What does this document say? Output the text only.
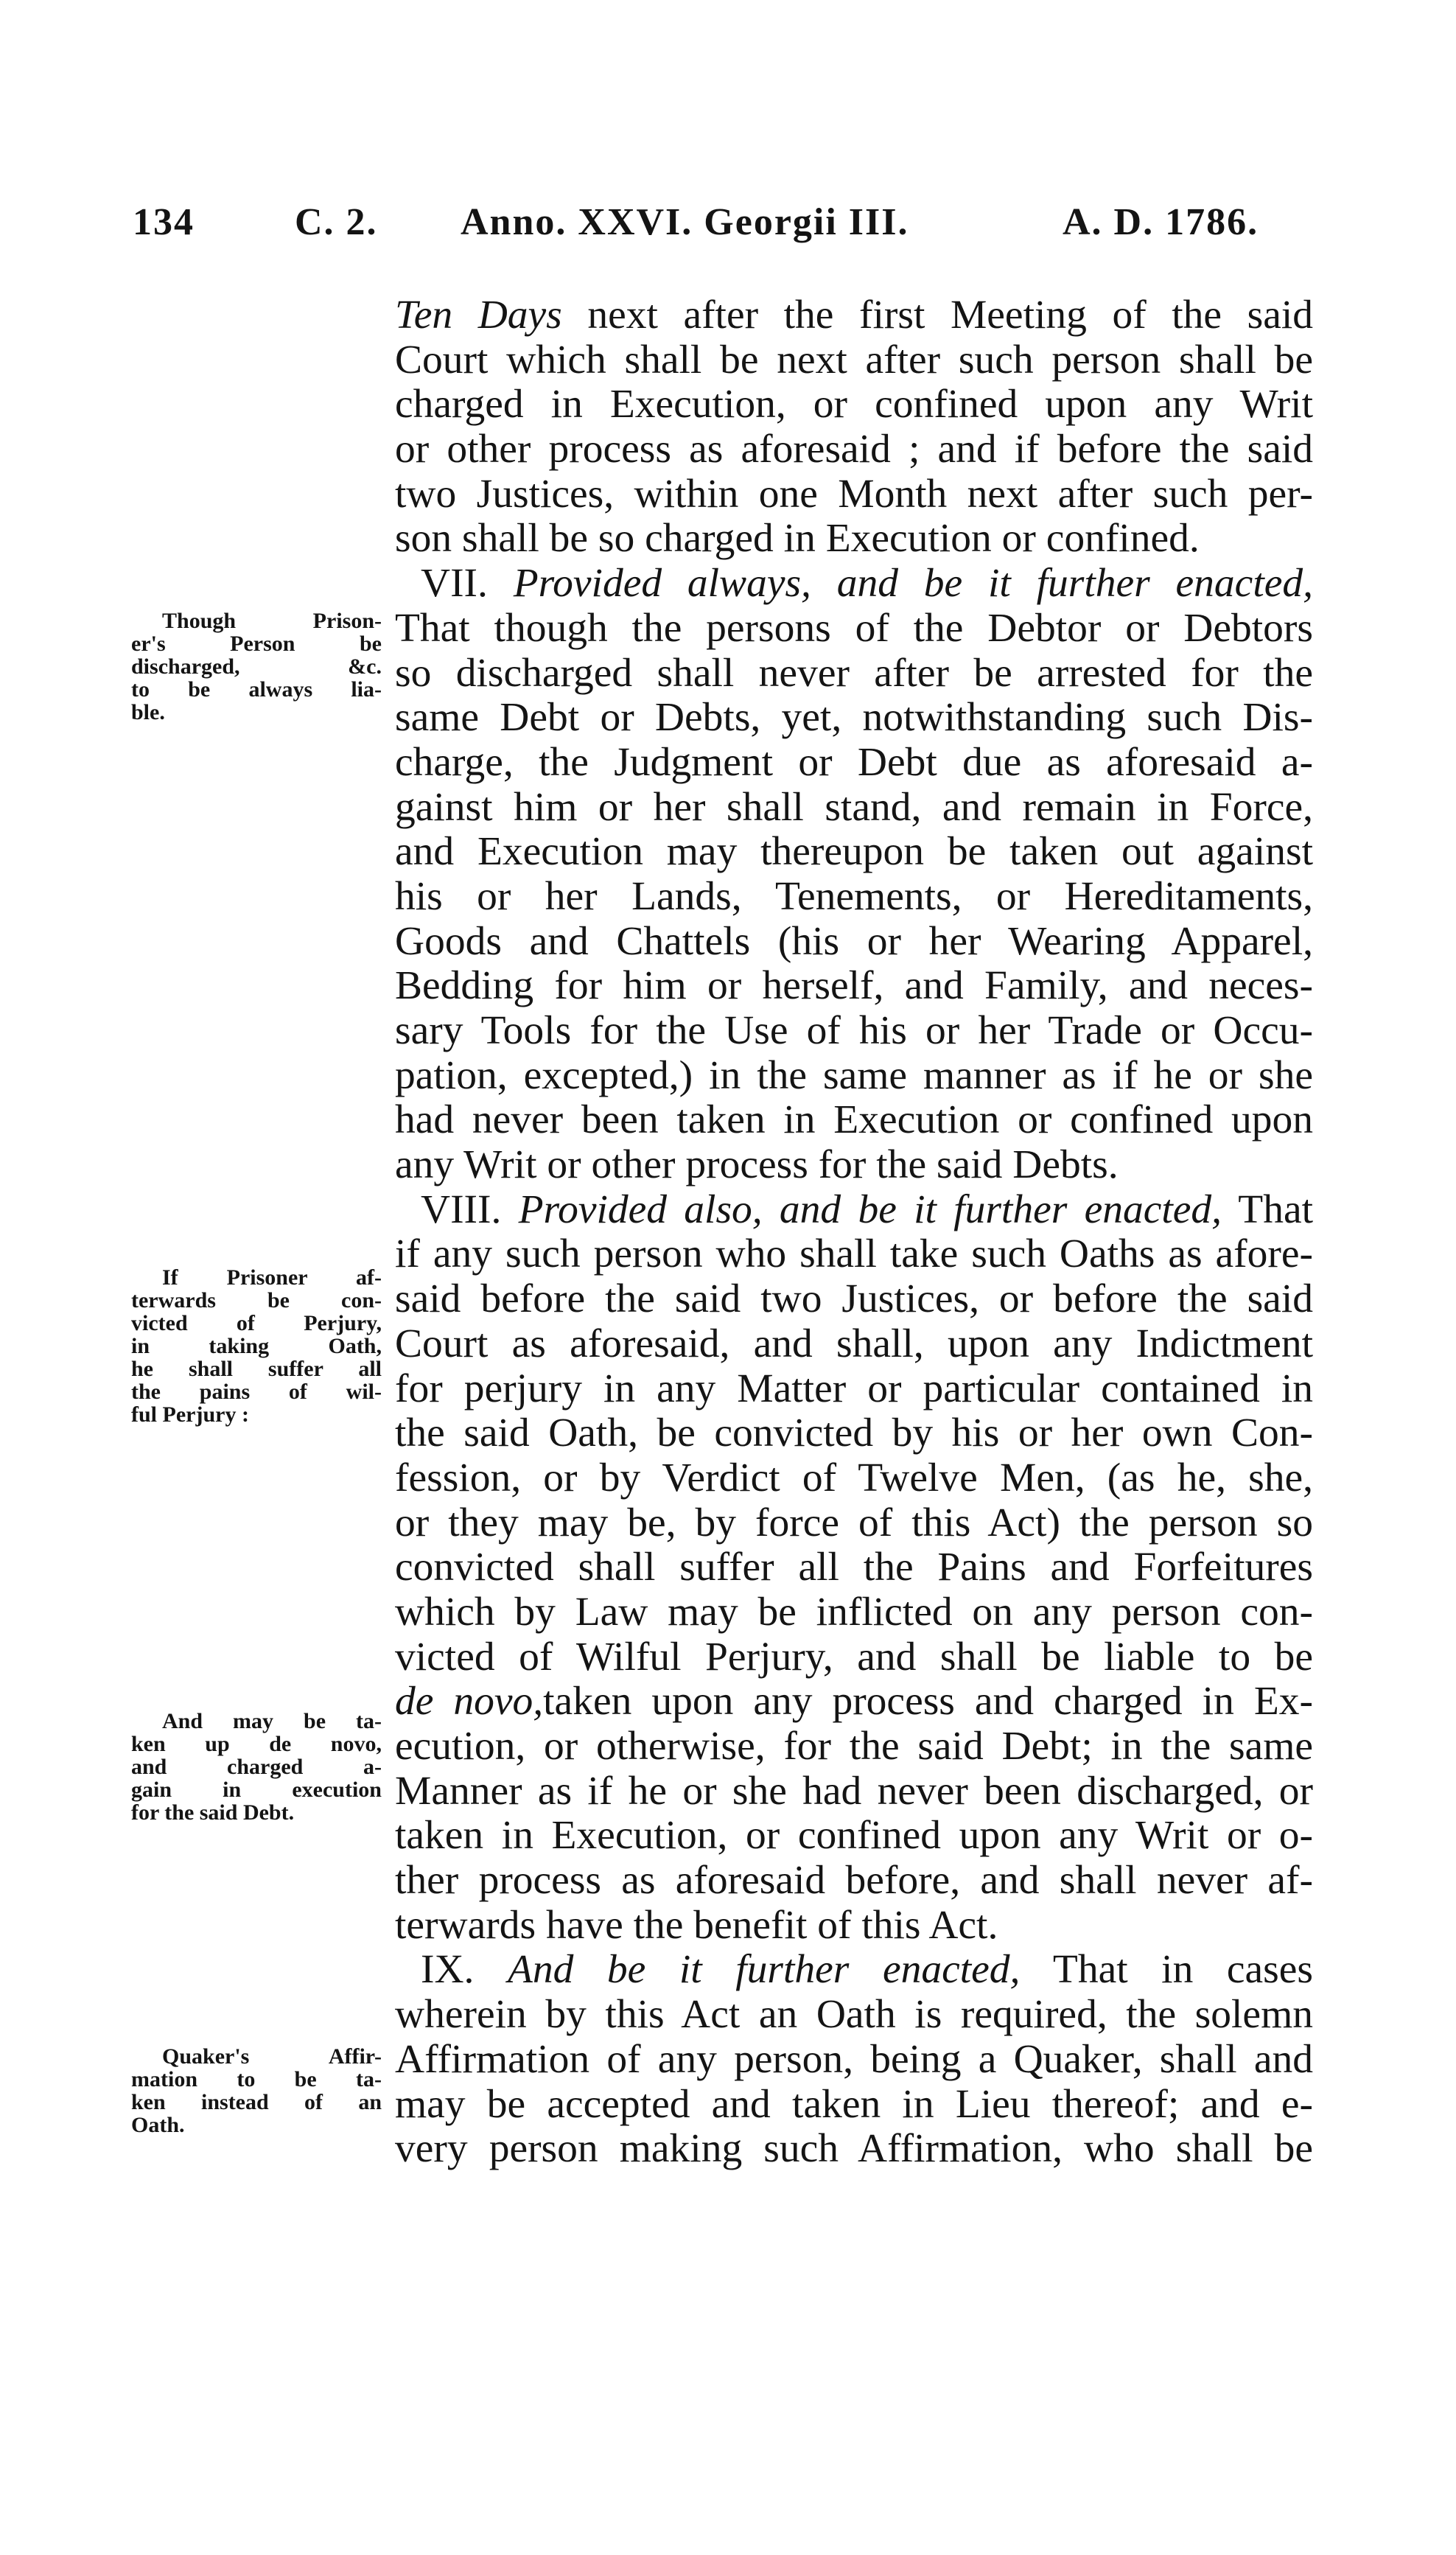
134	C. 2. Anno. XXVI. Georgii III.	A. D. 1786.
Ten Days next after the first Meeting of the said
Court which shall be next after such person shall be
charged in Execution, or confined upon any Writ
or other process as aforesaid ; and if before the said
two Justices, within one Month next after such per-
son shall be so charged in Execution or confined.
VII. Provided always, and be it further enacted,
That though the persons of the Debtor or Debtors
so discharged shall never after be arrested for the
same Debt or Debts, yet, notwithstanding such Dis-
charge, the Judgment or Debt due as aforesaid a-
gainst him or her shall stand, and remain in Force,
and Execution may thereupon be taken out against
his or her Lands, Tenements, or Hereditaments,
Goods and Chattels (his or her Wearing Apparel,
Bedding for him or herself, and Family, and neces-
sary Tools for the Use of his or her Trade or Occu-
pation, excepted,) in the same manner as if he or she
had never been taken in Execution or confined upon
any Writ or other process for the said Debts.
VIII. Provided also, and be it further enacted, That
if any such person who shall take such Oaths as afore-
said before the said two Justices, or before the said
Court as aforesaid, and shall, upon any Indictment
for perjury in any Matter or particular contained in
the said Oath, be convicted by his or her own Con-
fession, or by Verdict of Twelve Men, (as he, she,
or they may be, by force of this Act) the person so
convicted shall suffer all the Pains and Forfeitures
which by Law may be inflicted on any person con-
victed of Wilful Perjury, and shall be liable to be
de novo,taken upon any process and charged in Ex-
ecution, or otherwise, for the said Debt; in the same
Manner as if he or she had never been discharged, or
taken in Execution, or confined upon any Writ or o-
ther process as aforesaid before, and shall never af-
terwards have the benefit of this Act.
IX. And be it further enacted, That in cases
wherein by this Act an Oath is required, the solemn
Affirmation of any person, being a Quaker, shall and
may be accepted and taken in Lieu thereof; and e-
very person making such Affirmation, who shall be
Though Prison-
er's Person be
discharged, &c.
to be always lia-
ble.
If Prisoner af-
terwards be con-
victed of Perjury,
in taking Oath,
he shall suffer all
the pains of wil-
ful Perjury :
And may be ta-
ken up de novo,
and charged a-
gain in execution
for the said Debt.
Quaker's Affir-
mation to be ta-
ken instead of an
Oath.
